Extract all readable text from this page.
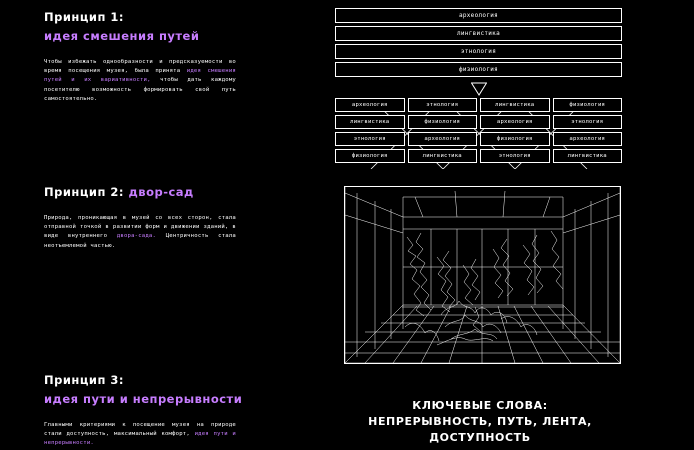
Принцип 1:
идея смешения путей
Чтобы избежать однообразности и предсказуемости во время посещения музея, была принята идея смешения путей и их вариативности, чтобы дать каждому посетителю возможность формировать свой путь самостоятельно.
Принцип 2: двор-сад
Природа, проникающая в музей со всех сторон, стала отправной точкой в развитии форм и движении зданий, в виде внутреннего двора-сада. Центричность стала неотъемлемой частью.
Принцип 3:
идея пути и непрерывности
Главными критериями к посещение музея на природе стали доступность, максимальный комфорт, идея пути и непрерывности.
археология
лингвистика
этнология
физиология
археология	этнология	лингвистика	физиология
лингвистика	физиология	археология	этнология
этнология	археология	физиология	археология
физиология	лингвистика	этнология	лингвистика
КЛЮЧЕВЫЕ СЛОВА:
НЕПРЕРЫВНОСТЬ, ПУТЬ, ЛЕНТА, ДОСТУПНОСТЬ
